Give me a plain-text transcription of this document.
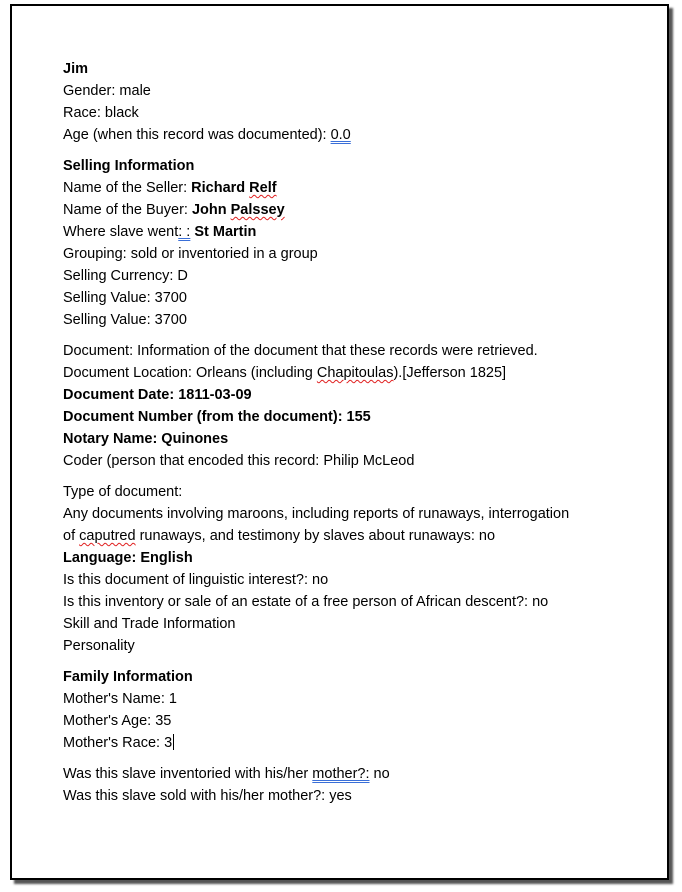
Jim
Gender: male
Race: black
Age (when this record was documented): 0.0
Selling Information
Name of the Seller: Richard Relf
Name of the Buyer: John Palssey
Where slave went: : St Martin
Grouping: sold or inventoried in a group
Selling Currency: D
Selling Value: 3700
Selling Value: 3700
Document: Information of the document that these records were retrieved.
Document Location: Orleans (including Chapitoulas).[Jefferson 1825]
Document Date: 1811-03-09
Document Number (from the document): 155
Notary Name: Quinones
Coder (person that encoded this record: Philip McLeod
Type of document:
Any documents involving maroons, including reports of runaways, interrogation
of caputred runaways, and testimony by slaves about runaways: no
Language: English
Is this document of linguistic interest?: no
Is this inventory or sale of an estate of a free person of African descent?: no
Skill and Trade Information
Personality
Family Information
Mother's Name: 1
Mother's Age: 35
Mother's Race: 3
Was this slave inventoried with his/her mother?: no
Was this slave sold with his/her mother?: yes
